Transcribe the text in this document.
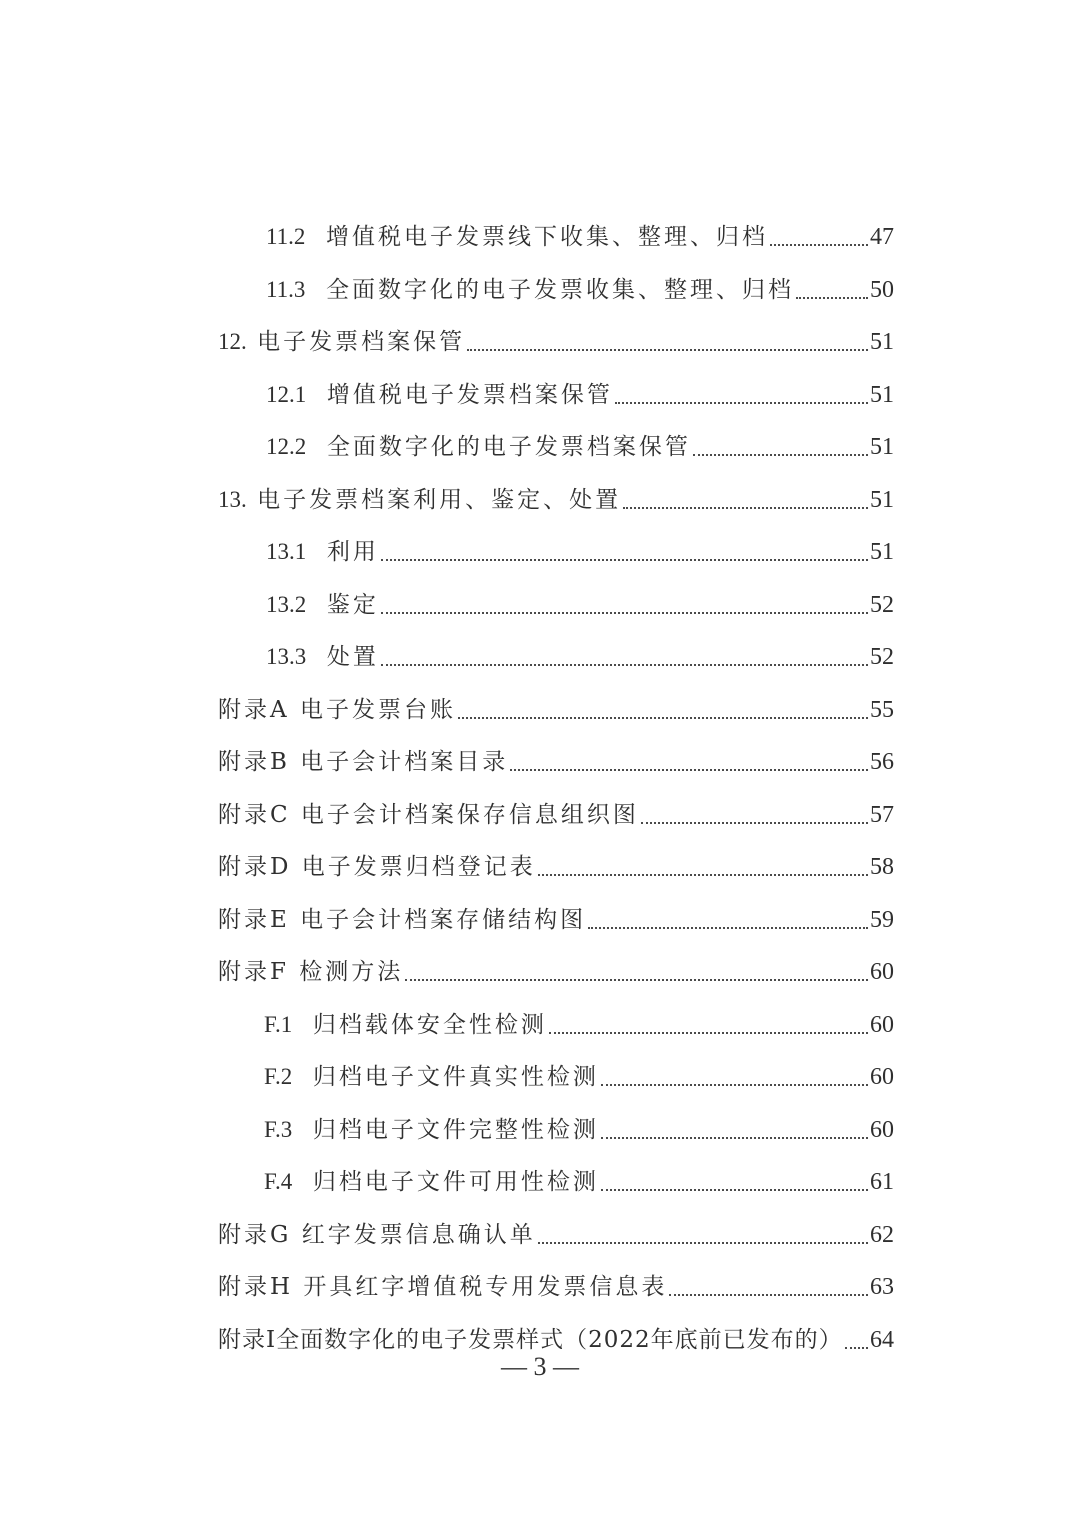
11.2 增值税电子发票线下收集、整理、归档	47
11.3 全面数字化的电子发票收集、整理、归档	50
12. 电子发票档案保管	51
12.1 增值税电子发票档案保管	51
12.2 全面数字化的电子发票档案保管	51
13. 电子发票档案利用、鉴定、处置	51
13.1 利用	51
13.2 鉴定	52
13.3 处置	52
附录A 电子发票台账	55
附录B 电子会计档案目录	56
附录C 电子会计档案保存信息组织图	57
附录D 电子发票归档登记表	58
附录E 电子会计档案存储结构图	59
附录F 检测方法	60
F.1 归档载体安全性检测	60
F.2 归档电子文件真实性检测	60
F.3 归档电子文件完整性检测	60
F.4 归档电子文件可用性检测	61
附录G 红字发票信息确认单	62
附录H 开具红字增值税专用发票信息表	63
附录I全面数字化的电子发票样式（2022年底前已发布的） 64
— 3 —
